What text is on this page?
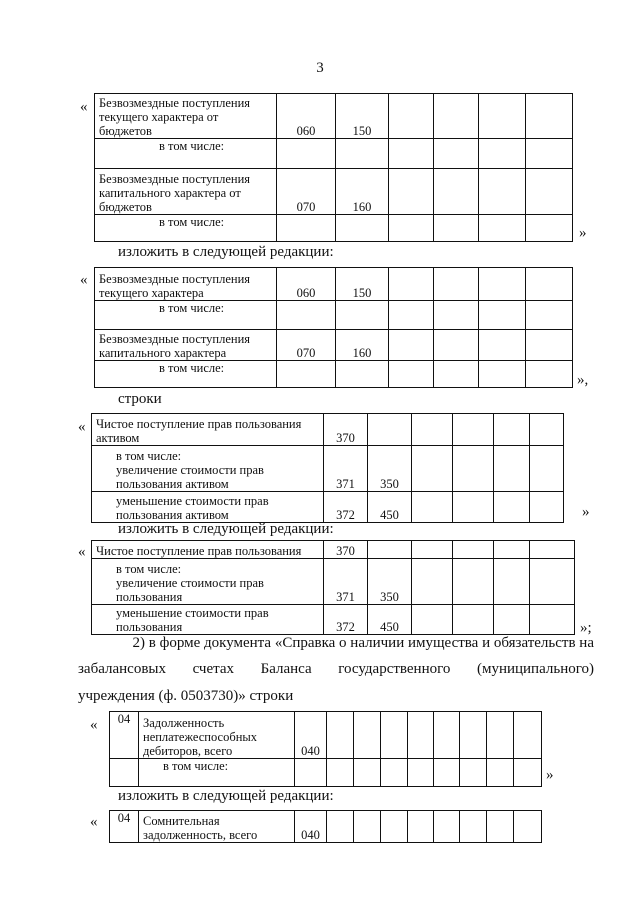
3
« Безвозмездные поступления текущего характера от бюджетов	060	150				

в том числе:						

Безвозмездные поступления капитального характера от бюджетов	070	160				

в том числе:						

»
изложить в следующей редакции:
« Безвозмездные поступления текущего характера	060	150				

в том числе:						

Безвозмездные поступления капитального характера	070	160				

в том числе:						

»,
строки
« Чистое поступление прав пользования активом	370					

в том числе:
увеличение стоимости прав пользования активом	371	350				

уменьшение стоимости прав пользования активом	372	450					»
изложить в следующей редакции:
« Чистое поступление прав пользования	370					

в том числе:
увеличение стоимости прав пользования	371	350				

уменьшение стоимости прав пользования	372	450					»;
2) в форме документа «Справка о наличии имущества и обязательств на
забалансовых счетах Баланса государственного (муниципального)
учреждения (ф. 0503730)» строки
« 04	Задолженность неплатежеспособных дебиторов, всего	040								

	в том числе:									

»
изложить в следующей редакции:
« 04	Сомнительная задолженность, всего	040								
